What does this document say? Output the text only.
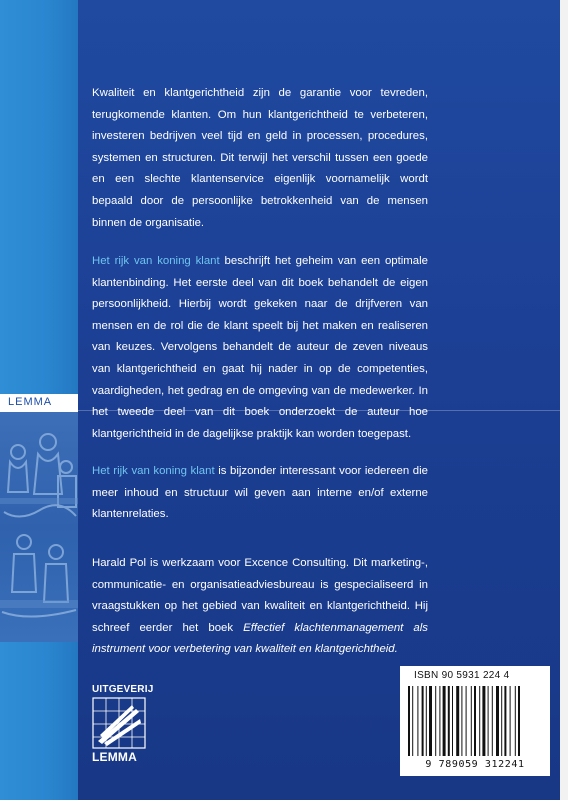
LEMMA

Kwaliteit en klantgerichtheid zijn de garantie voor tevreden, terugkomende klanten. Om hun klantgerichtheid te verbeteren, investeren bedrijven veel tijd en geld in processen, procedures, systemen en structuren. Dit terwijl het verschil tussen een goede en een slechte klantenservice eigenlijk voornamelijk wordt bepaald door de persoonlijke betrokkenheid van de mensen binnen de organisatie.

Het rijk van koning klant beschrijft het geheim van een optimale klantenbinding. Het eerste deel van dit boek behandelt de eigen persoonlijkheid. Hierbij wordt gekeken naar de drijfveren van mensen en de rol die de klant speelt bij het maken en realiseren van keuzes. Vervolgens behandelt de auteur de zeven niveaus van klantgerichtheid en gaat hij nader in op de competenties, vaardigheden, het gedrag en de omgeving van de medewerker. In het tweede deel van dit boek onderzoekt de auteur hoe klantgerichtheid in de dagelijkse praktijk kan worden toegepast.

Het rijk van koning klant is bijzonder interessant voor iedereen die meer inhoud en structuur wil geven aan interne en/of externe klantenrelaties.

Harald Pol is werkzaam voor Excence Consulting. Dit marketing-, communicatie- en organisatieadviesbureau is gespecialiseerd in vraagstukken op het gebied van kwaliteit en klantgerichtheid. Hij schreef eerder het boek Effectief klachtenmanagement als instrument voor verbetering van kwaliteit en klantgerichtheid.

UITGEVERIJ
LEMMA
ISBN 90 5931 224 4
9 789059 312241
